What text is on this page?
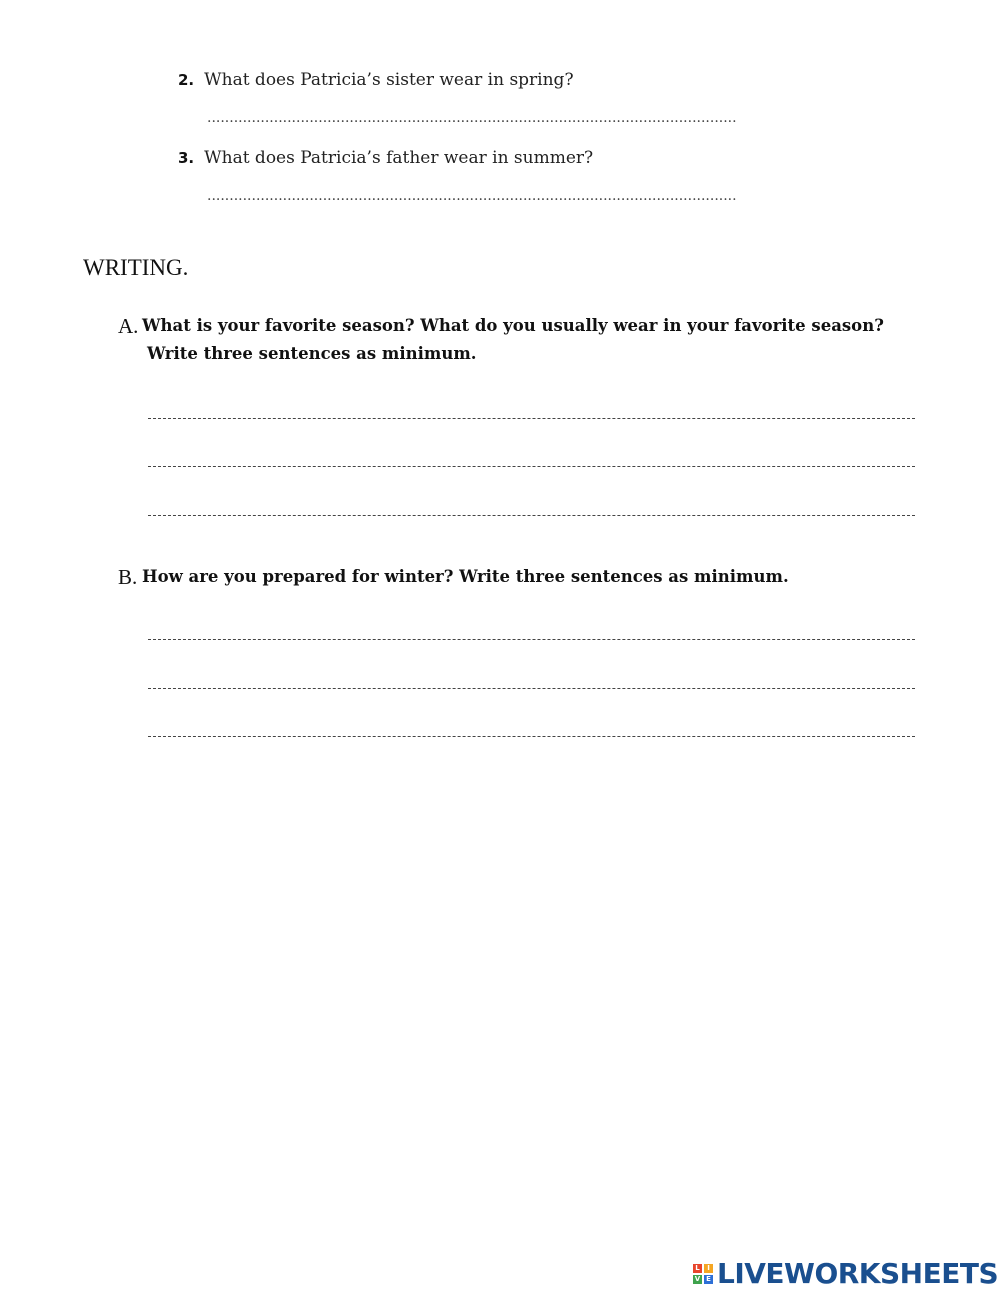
2. What does Patricia’s sister wear in spring?
.......................................................................................................................
3. What does Patricia’s father wear in summer?
.......................................................................................................................
WRITING.
A. What is your favorite season? What do you usually wear in your favorite season? Write three sentences as minimum.
B. How are you prepared for winter? Write three sentences as minimum.
L	I
V E LIVEWORKSHEETS
